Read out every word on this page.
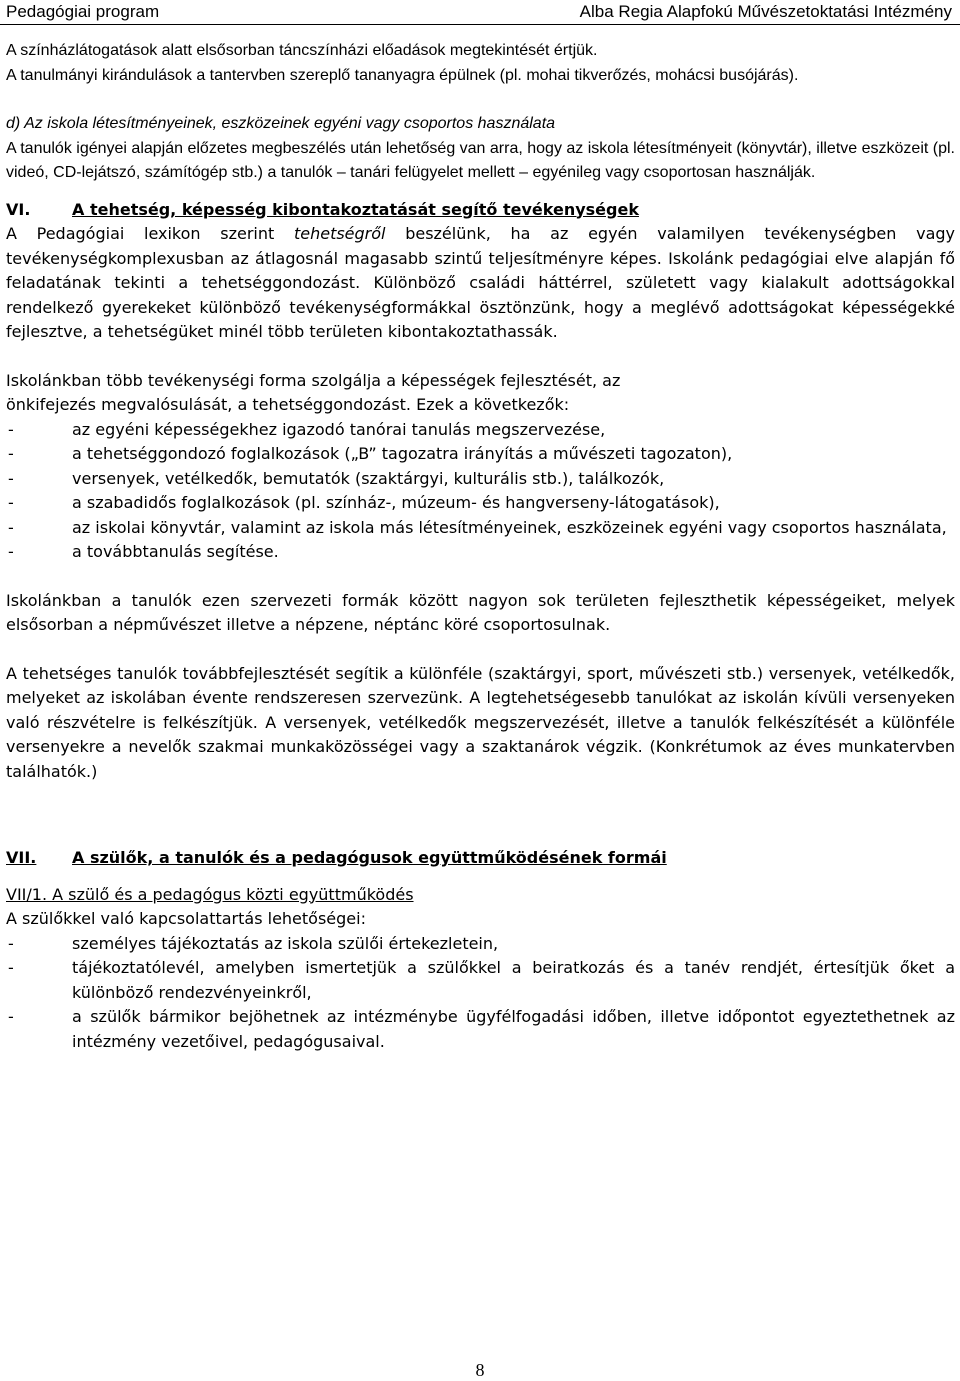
Pedagógiai program	Alba Regia Alapfokú Művészetoktatási Intézmény

A színházlátogatások alatt elsősorban táncszínházi előadások megtekintését értjük.

A tanulmányi kirándulások a tantervben szereplő tananyagra épülnek (pl. mohai tikverőzés, mohácsi busójárás).

d) Az iskola létesítményeinek, eszközeinek egyéni vagy csoportos használata

A tanulók igényei alapján előzetes megbeszélés után lehetőség van arra, hogy az iskola létesítményeit (könyvtár), illetve eszközeit (pl. videó, CD-lejátszó, számítógép stb.) a tanulók – tanári felügyelet mellett – egyénileg vagy csoportosan használják.

VI.	A tehetség, képesség kibontakoztatását segítő tevékenységek

A Pedagógiai lexikon szerint tehetségről beszélünk, ha az egyén valamilyen tevékenységben vagy tevékenységkomplexusban az átlagosnál magasabb szintű teljesítményre képes. Iskolánk pedagógiai elve alapján fő feladatának tekinti a tehetséggondozást. Különböző családi háttérrel, született vagy kialakult adottságokkal rendelkező gyerekeket különböző tevékenységformákkal ösztönzünk, hogy a meglévő adottságokat képességekké fejlesztve, a tehetségüket minél több területen kibontakoztathassák.

Iskolánkban több tevékenységi forma szolgálja a képességek fejlesztését, az

önkifejezés megvalósulását, a tehetséggondozást. Ezek a következők:

- az egyéni képességekhez igazodó tanórai tanulás megszervezése,
- a tehetséggondozó foglalkozások („B” tagozatra irányítás a művészeti tagozaton),
- versenyek, vetélkedők, bemutatók (szaktárgyi, kulturális stb.), találkozók,
- a szabadidős foglalkozások (pl. színház-, múzeum- és hangverseny-látogatások),
- az iskolai könyvtár, valamint az iskola más létesítményeinek, eszközeinek egyéni vagy csoportos használata,
- a továbbtanulás segítése.

Iskolánkban a tanulók ezen szervezeti formák között nagyon sok területen fejleszthetik képességeiket, melyek elsősorban a népművészet illetve a népzene, néptánc köré csoportosulnak.

A tehetséges tanulók továbbfejlesztését segítik a különféle (szaktárgyi, sport, művészeti stb.) versenyek, vetélkedők, melyeket az iskolában évente rendszeresen szervezünk. A legtehetségesebb tanulókat az iskolán kívüli versenyeken való részvételre is felkészítjük. A versenyek, vetélkedők megszervezését, illetve a tanulók felkészítését a különféle versenyekre a nevelők szakmai munkaközösségei vagy a szaktanárok végzik. (Konkrétumok az éves munkatervben találhatók.)

VII. A szülők, a tanulók és a pedagógusok együttműködésének formái

VII/1. A szülő és a pedagógus közti együttműködés

A szülőkkel való kapcsolattartás lehetőségei:

- személyes tájékoztatás az iskola szülői értekezletein,
- tájékoztatólevél, amelyben ismertetjük a szülőkkel a beiratkozás és a tanév rendjét, értesítjük őket a különböző rendezvényeinkről,
- a szülők bármikor bejöhetnek az intézménybe ügyfélfogadási időben, illetve időpontot egyeztethetnek az intézmény vezetőivel, pedagógusaival.
8
